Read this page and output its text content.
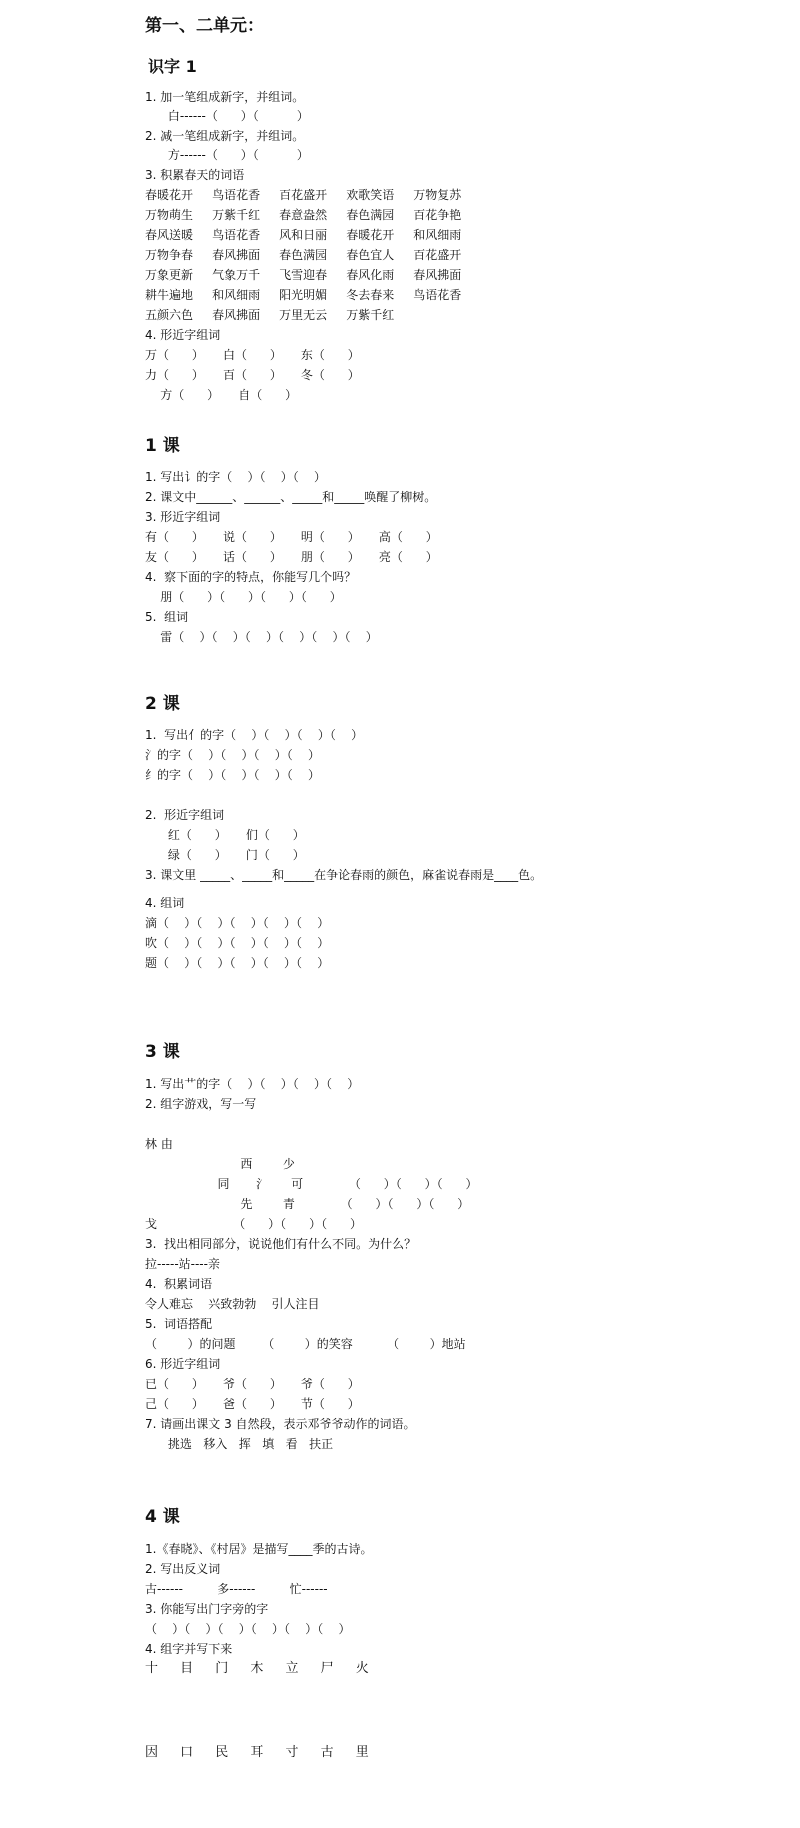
第一、二单元：
识字 1
1. 加一笔组成新字，并组词。
白------（      ）（          ）
2. 减一笔组成新字，并组词。
方------（      ）（          ）
3. 积累春天的词语
春暖花开     鸟语花香     百花盛开     欢歌笑语     万物复苏
万物萌生     万紫千红     春意盎然     春色满园     百花争艳
春风送暖     鸟语花香     风和日丽     春暖花开     和风细雨
万物争春     春风拂面     春色满园     春色宜人     百花盛开
万象更新     气象万千     飞雪迎春     春风化雨     春风拂面
耕牛遍地     和风细雨     阳光明媚     冬去春来     鸟语花香
五颜六色     春风拂面     万里无云     万紫千红
4. 形近字组词
万（      ）     白（      ）     东（      ）
力（      ）     百（      ）     冬（      ）
方（      ）     自（      ）
1 课
1. 写出讠的字（    ）（    ）（    ）
2. 课文中______、______、_____和_____唤醒了柳树。
3. 形近字组词
有（      ）     说（      ）     明（      ）     高（      ）
友（      ）     话（      ）     朋（      ）     亮（      ）
4.  察下面的字的特点，你能写几个吗？
朋（      ）（      ）（      ）（      ）
5.  组词
雷（    ）（    ）（    ）（    ）（    ）（    ）
2 课
1.  写出亻的字（    ）（    ）（    ）（    ）
氵的字（    ）（    ）（    ）（    ）
纟的字（    ）（    ）（    ）（    ）
2.  形近字组词
红（      ）     们（      ）
绿（      ）     门（      ）
3. 课文里 _____、_____和_____在争论春雨的颜色，麻雀说春雨是____色。
4. 组词
滴（    ）（    ）（    ）（    ）（    ）
吹（    ）（    ）（    ）（    ）（    ）
题（    ）（    ）（    ）（    ）（    ）
3 课
1. 写出艹的字（    ）（    ）（    ）（    ）
2. 组字游戏，写一写
林 由
西        少
同       氵      可            （      ）（      ）（      ）
先        青            （      ）（      ）（      ）
戈                    （      ）（      ）（      ）
3.  找出相同部分，说说他们有什么不同。为什么？
拉-----站----亲
4.  积累词语
令人难忘    兴致勃勃    引人注目
5.  词语搭配
（        ）的问题       （        ）的笑容         （        ）地站
6. 形近字组词
已（      ）     爷（      ）     爷（      ）
己（      ）     爸（      ）     节（      ）
7. 请画出课文 3 自然段，表示邓爷爷动作的词语。
挑选   移入   挥   填   看   扶正
4 课
1.《春晓》、《村居》是描写____季的古诗。
2. 写出反义词
古------         多------         忙------
3. 你能写出门字旁的字
（    ）（    ）（    ）（    ）（    ）（    ）
4. 组字并写下来
十 目 门 木 立 尸 火
因 口 民 耳 寸 古 里
